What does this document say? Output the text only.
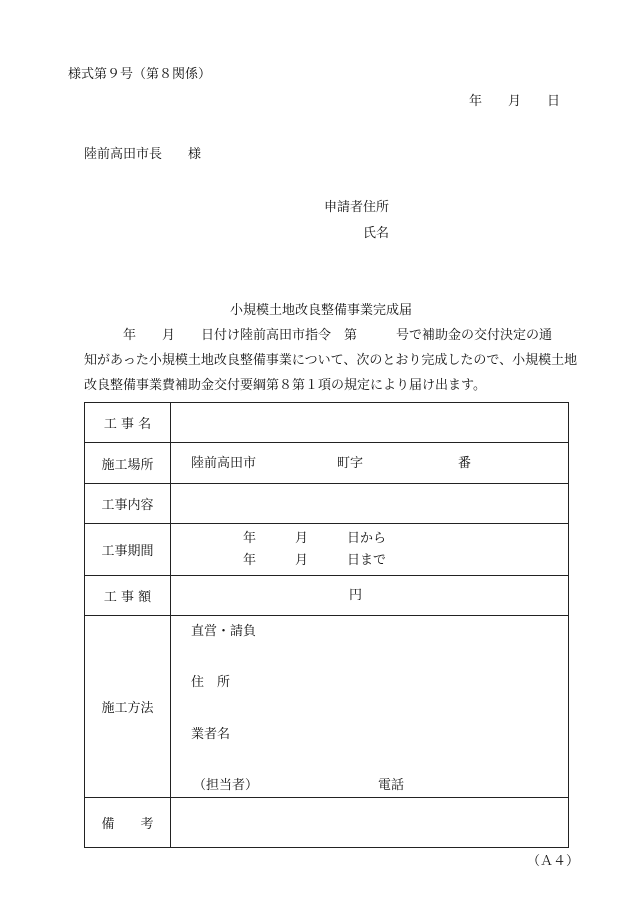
様式第９号（第８関係）
年　　月　　日
陸前高田市長　　様
申請者住所
氏名
小規模土地改良整備事業完成届
　　　年　　月　　日付け陸前高田市指令　第　　　号で補助金の交付決定の通
知があった小規模土地改良整備事業について、次のとおり完成したので、小規模土地
改良整備事業費補助金交付要綱第８第１項の規定により届け出ます。
工 事 名	
施工場所	陸前高田市 町字 番

工事内容	
工事期間	年　　　月　　　日から
年　　　月　　　日まで

工 事 額	円

施工方法	直営・請負
住　所
業者名
（担当者） 電話

備　　考	
（Ａ４）
